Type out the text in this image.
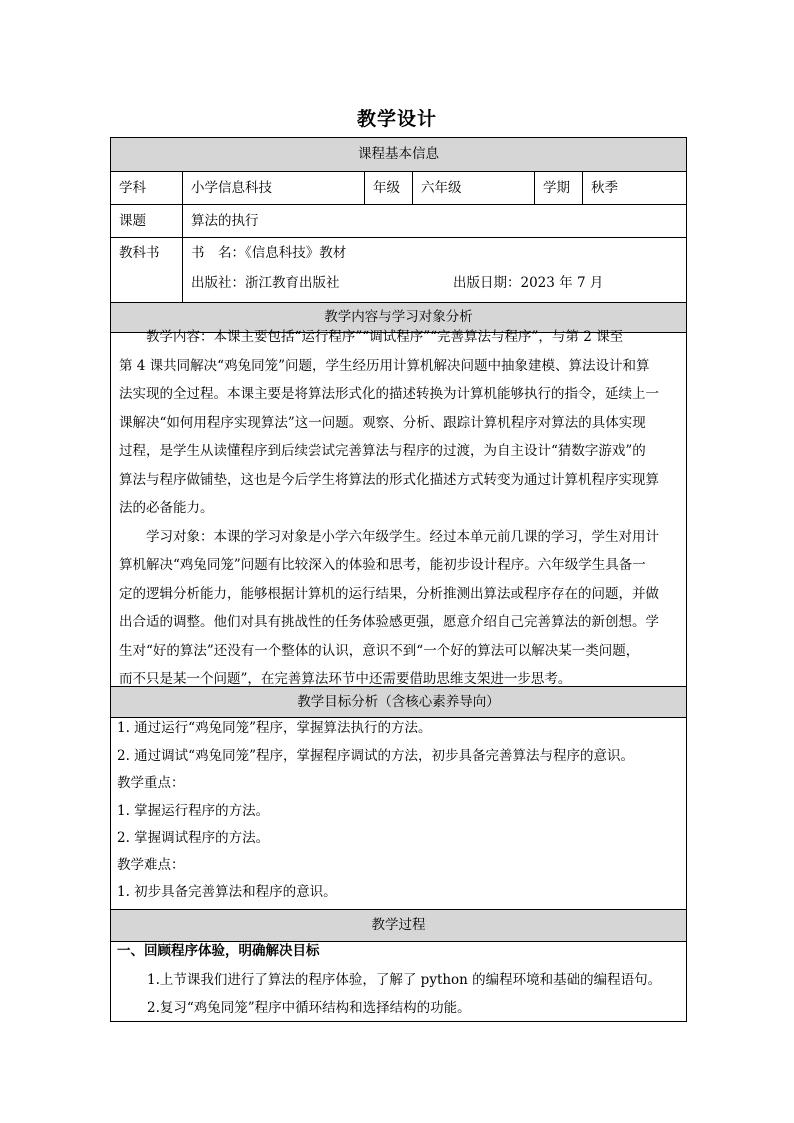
教学设计
课程基本信息
学科	小学信息科技	年级 六年级	学期 秋季
课题	算法的执行
教科书 书　名：《信息科技》教材
出版社：浙江教育出版社	出版日期：2023 年 7 月
教学内容与学习对象分析
　　教学内容：本课主要包括“运行程序”“调试程序”“完善算法与程序”，与第 2 课至
第 4 课共同解决“鸡兔同笼”问题，学生经历用计算机解决问题中抽象建模、算法设计和算
法实现的全过程。本课主要是将算法形式化的描述转换为计算机能够执行的指令，延续上一
课解决“如何用程序实现算法”这一问题。观察、分析、跟踪计算机程序对算法的具体实现
过程，是学生从读懂程序到后续尝试完善算法与程序的过渡，为自主设计“猜数字游戏”的
算法与程序做铺垫，这也是今后学生将算法的形式化描述方式转变为通过计算机程序实现算
法的必备能力。
　　学习对象：本课的学习对象是小学六年级学生。经过本单元前几课的学习，学生对用计
算机解决“鸡兔同笼”问题有比较深入的体验和思考，能初步设计程序。六年级学生具备一
定的逻辑分析能力，能够根据计算机的运行结果，分析推测出算法或程序存在的问题，并做
出合适的调整。他们对具有挑战性的任务体验感更强，愿意介绍自己完善算法的新创想。学
生对“好的算法”还没有一个整体的认识，意识不到“一个好的算法可以解决某一类问题，
而不只是某一个问题”，在完善算法环节中还需要借助思维支架进一步思考。
教学目标分析（含核心素养导向）
1. 通过运行“鸡兔同笼”程序，掌握算法执行的方法。
2. 通过调试“鸡兔同笼”程序，掌握程序调试的方法，初步具备完善算法与程序的意识。
教学重点：
1. 掌握运行程序的方法。
2. 掌握调试程序的方法。
教学难点：
1. 初步具备完善算法和程序的意识。
教学过程
一、回顾程序体验，明确解决目标
1.上节课我们进行了算法的程序体验，了解了 python 的编程环境和基础的编程语句。
2.复习“鸡兔同笼”程序中循环结构和选择结构的功能。
